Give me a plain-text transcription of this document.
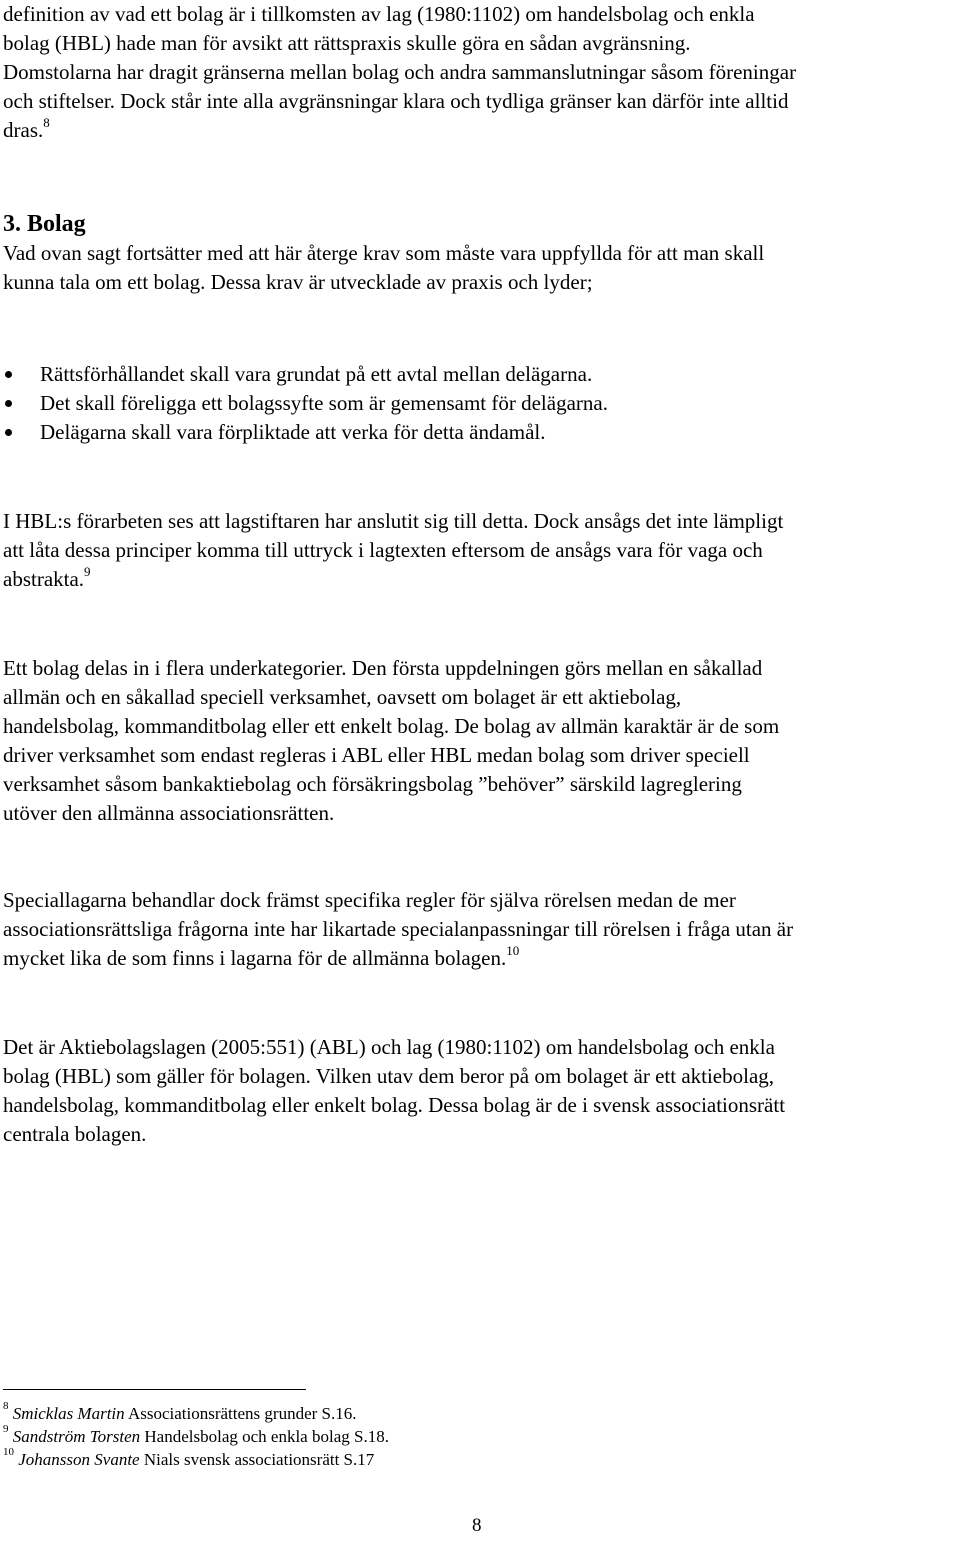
definition av vad ett bolag är i tillkomsten av lag (1980:1102) om handelsbolag och enkla

bolag (HBL) hade man för avsikt att rättspraxis skulle göra en sådan avgränsning.

Domstolarna har dragit gränserna mellan bolag och andra sammanslutningar såsom föreningar

och stiftelser. Dock står inte alla avgränsningar klara och tydliga gränser kan därför inte alltid

dras.$^8$

3. Bolag

Vad ovan sagt fortsätter med att här återge krav som måste vara uppfyllda för att man skall

kunna tala om ett bolag. Dessa krav är utvecklade av praxis och lyder;

Rättsförhållandet skall vara grundat på ett avtal mellan delägarna.
Det skall föreligga ett bolagssyfte som är gemensamt för delägarna.
Delägarna skall vara förpliktade att verka för detta ändamål.

I HBL:s förarbeten ses att lagstiftaren har anslutit sig till detta. Dock ansågs det inte lämpligt

att låta dessa principer komma till uttryck i lagtexten eftersom de ansågs vara för vaga och

abstrakta.$^9$

Ett bolag delas in i flera underkategorier. Den första uppdelningen görs mellan en såkallad

allmän och en såkallad speciell verksamhet, oavsett om bolaget är ett aktiebolag,

handelsbolag, kommanditbolag eller ett enkelt bolag. De bolag av allmän karaktär är de som

driver verksamhet som endast regleras i ABL eller HBL medan bolag som driver speciell

verksamhet såsom bankaktiebolag och försäkringsbolag ”behöver” särskild lagreglering

utöver den allmänna associationsrätten.

Speciallagarna behandlar dock främst specifika regler för själva rörelsen medan de mer

associationsrättsliga frågorna inte har likartade specialanpassningar till rörelsen i fråga utan är

mycket lika de som finns i lagarna för de allmänna bolagen.$^{10}$

Det är Aktiebolagslagen (2005:551) (ABL) och lag (1980:1102) om handelsbolag och enkla

bolag (HBL) som gäller för bolagen. Vilken utav dem beror på om bolaget är ett aktiebolag,

handelsbolag, kommanditbolag eller enkelt bolag. Dessa bolag är de i svensk associationsrätt

centrala bolagen.

$^8$ Smicklas Martin Associationsrättens grunder S.16.

$^9$ Sandström Torsten Handelsbolag och enkla bolag S.18.

$^{10}$ Johansson Svante Nials svensk associationsrätt S.17

8
